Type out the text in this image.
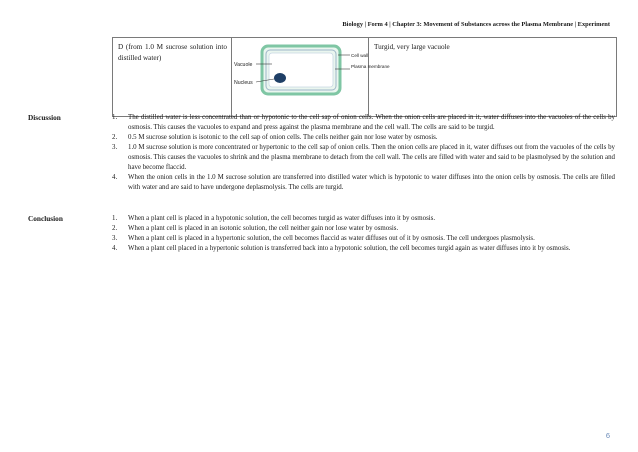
Biology | Form 4 | Chapter 3: Movement of Substances across the Plasma Membrane | Experiment
D (from 1.0 M sucrose solution into distilled water)

Vacuole
Nucleus
Cell wall
Plasma membrane

Turgid, very large vacuole
Discussion	1.	The distilled water is less concentrated than or hypotonic to the cell sap of onion cells. When the onion cells are placed in it, water diffuses into the vacuoles of the cells by osmosis. This causes the vacuoles to expand and press against the plasma membrane and the cell wall. The cells are said to be turgid.
2.	0.5 M sucrose solution is isotonic to the cell sap of onion cells. The cells neither gain nor lose water by osmosis.
3.	1.0 M sucrose solution is more concentrated or hypertonic to the cell sap of onion cells. Then the onion cells are placed in it, water diffuses out from the vacuoles of the cells by osmosis. This causes the vacuoles to shrink and the plasma membrane to detach from the cell wall. The cells are filled with water and said to be plasmolysed by the solution and have become flaccid.
4.	When the onion cells in the 1.0 M sucrose solution are transferred into distilled water which is hypotonic to water diffuses into the onion cells by osmosis. The cells are filled with water and are said to have undergone deplasmolysis. The cells are turgid.
Conclusion	1.	When a plant cell is placed in a hypotonic solution, the cell becomes turgid as water diffuses into it by osmosis.
2.	When a plant cell is placed in an isotonic solution, the cell neither gain nor lose water by osmosis.
3.	When a plant cell is placed in a hypertonic solution, the cell becomes flaccid as water diffuses out of it by osmosis. The cell undergoes plasmolysis.
4.	When a plant cell placed in a hypertonic solution is transferred back into a hypotonic solution, the cell becomes turgid again as water diffuses into it by osmosis.
6
